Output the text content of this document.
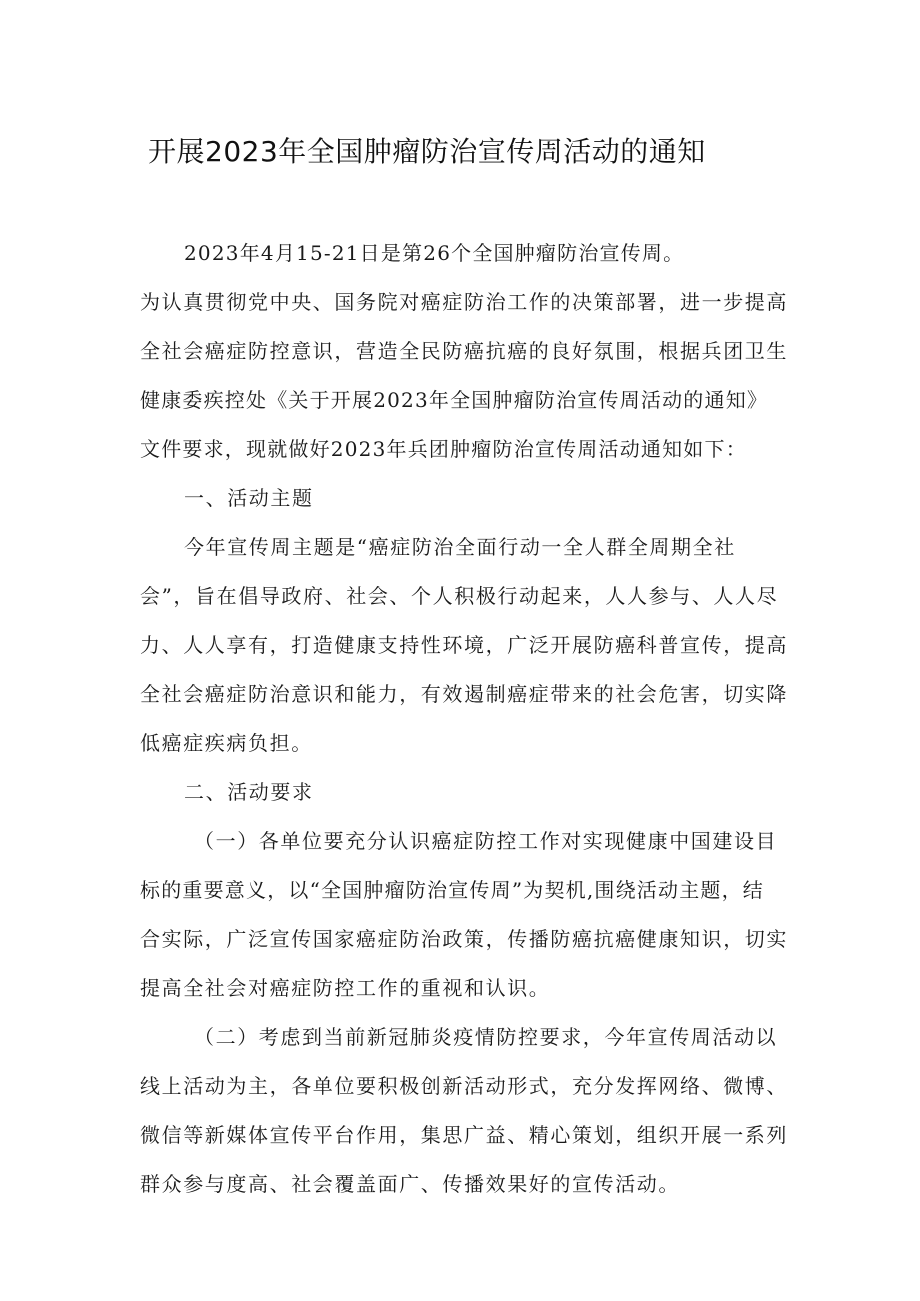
开展2023年全国肿瘤防治宣传周活动的通知

2023年4月15-21日是第26个全国肿瘤防治宣传周。

为认真贯彻党中央、国务院对癌症防治工作的决策部署，进一步提高

全社会癌症防控意识，营造全民防癌抗癌的良好氛围，根据兵团卫生

健康委疾控处《关于开展2023年全国肿瘤防治宣传周活动的通知》

文件要求，现就做好2023年兵团肿瘤防治宣传周活动通知如下：

一、活动主题

今年宣传周主题是“癌症防治全面行动一全人群全周期全社

会”，旨在倡导政府、社会、个人积极行动起来，人人参与、人人尽

力、人人享有，打造健康支持性环境，广泛开展防癌科普宣传，提高

全社会癌症防治意识和能力，有效遏制癌症带来的社会危害，切实降

低癌症疾病负担。

二、活动要求

（一）各单位要充分认识癌症防控工作对实现健康中国建设目

标的重要意义，以“全国肿瘤防治宣传周”为契机,围绕活动主题，结

合实际，广泛宣传国家癌症防治政策，传播防癌抗癌健康知识，切实

提高全社会对癌症防控工作的重视和认识。

（二）考虑到当前新冠肺炎疫情防控要求，今年宣传周活动以

线上活动为主，各单位要积极创新活动形式，充分发挥网络、微博、

微信等新媒体宣传平台作用，集思广益、精心策划，组织开展一系列

群众参与度高、社会覆盖面广、传播效果好的宣传活动。
